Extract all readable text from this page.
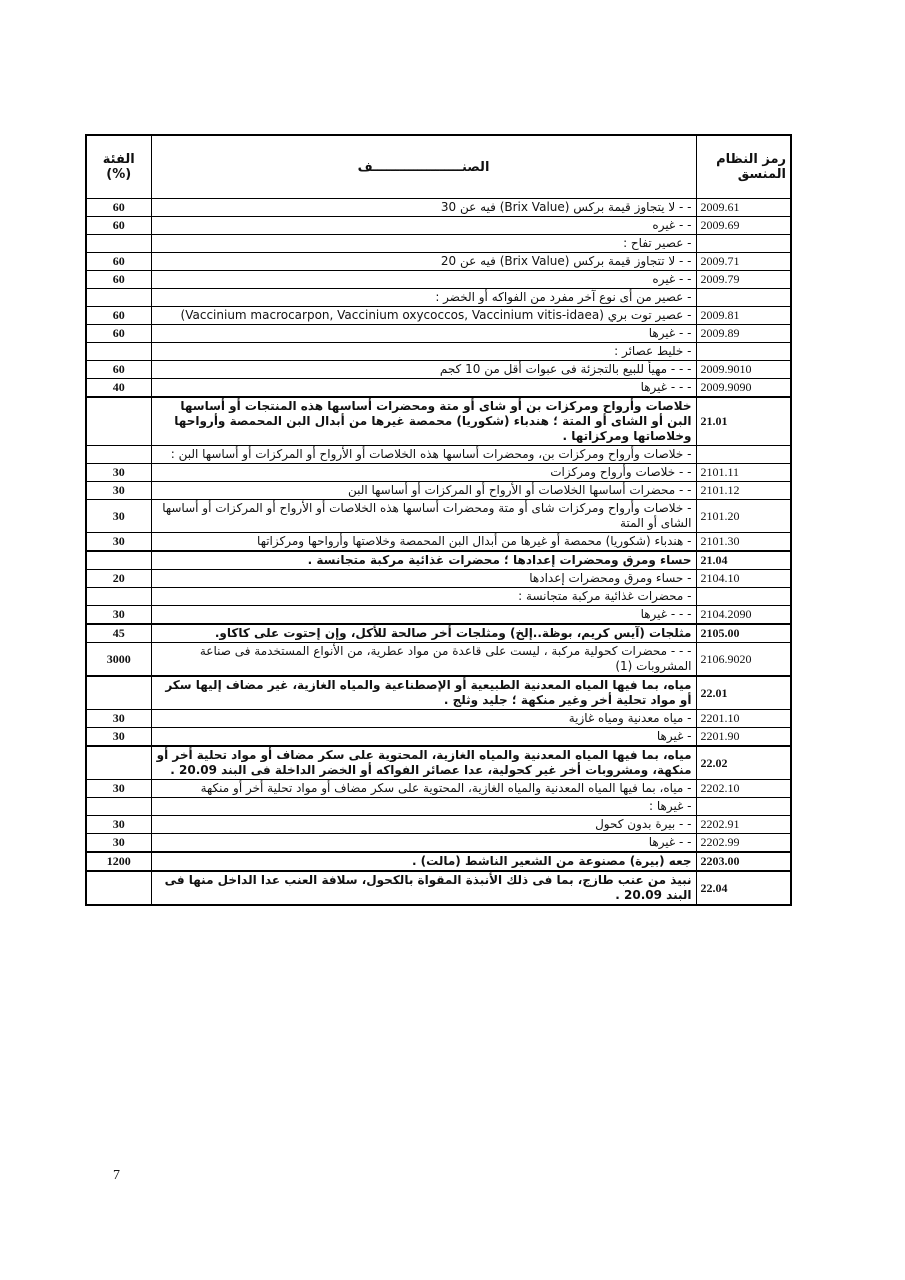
الفئة
(%)	الصنــــــــــــــــــــف	رمز النظام المنسق
60	- - لا يتجاوز قيمة بركس (Brix Value) فيه عن 30	2009.61
60	- - غيره	2009.69
	- عصير تفاح :	
60	- - لا تتجاوز قيمة بركس (Brix Value) فيه عن 20	2009.71
60	- - غيره	2009.79
	- عصير من أى نوع آخر مفرد من الفواكه أو الخضر :	
60	- عصير توت بري (Vaccinium macrocarpon, Vaccinium oxycoccos, Vaccinium vitis-idaea)	2009.81
60	- - غيرها	2009.89
	- خليط عصائر :	
60	- - - مهيأ للبيع بالتجزئة فى عبوات أقل من 10 كجم	2009.9010
40	- - - غيرها	2009.9090
	خلاصات وأرواح ومركزات بن أو شاى أو متة ومحضرات أساسها هذه المنتجات أو أساسها البن أو الشاى أو المتة ؛ هندباء (شكوريا) محمصة غيرها من أبدال البن المحمصة وأرواحها وخلاصاتها ومركزاتها .	21.01
	- خلاصات وأرواح ومركزات بن، ومحضرات أساسها هذه الخلاصات أو الأرواح أو المركزات أو أساسها البن :	
30	- - خلاصات وأرواح ومركزات	2101.11
30	- - محضرات أساسها الخلاصات أو الأرواح أو المركزات أو أساسها البن	2101.12
30	- خلاصات وأرواح ومركزات شاى أو متة ومحضرات أساسها هذه الخلاصات أو الأرواح أو المركزات أو أساسها الشاى أو المتة	2101.20
30	- هندباء (شكوريا) محمصة أو غيرها من أبدال البن المحمصة وخلاصتها وأرواحها ومركزاتها	2101.30
	حساء ومرق ومحضرات إعدادها ؛ محضرات غذائية مركبة متجانسة .	21.04
20	- حساء ومرق ومحضرات إعدادها	2104.10
	- محضرات غذائية مركبة متجانسة :	
30	- - - غيرها	2104.2090
45	مثلجات (آيس كريم، بوظة..إلخ) ومثلجات أخر صالحة للأكل، وإن إحتوت على كاكاو.	2105.00
3000	- - - محضرات كحولية مركبة ، ليست على قاعدة من مواد عطرية، من الأنواع المستخدمة فى صناعة المشروبات (1)	2106.9020
	مياه، بما فيها المياه المعدنية الطبيعية أو الإصطناعية والمياه الغازية، غير مضاف إليها سكر أو مواد تحلية أخر وغير منكهة ؛ جليد وثلج .	22.01
30	- مياه معدنية ومياه غازية	2201.10
30	- غيرها	2201.90
	مياه، بما فيها المياه المعدنية والمياه الغازية، المحتوية على سكر مضاف أو مواد تحلية أخر أو منكهة، ومشروبات أخر غير كحولية، عدا عصائر الفواكه أو الخضر الداخلة فى البند 20.09 .	22.02
30	- مياه، بما فيها المياه المعدنية والمياه الغازية، المحتوية على سكر مضاف أو مواد تحلية أخر أو منكهة	2202.10
	- غيرها :	
30	- - بيرة بدون كحول	2202.91
30	- - غيرها	2202.99
1200	جعه (بيرة) مصنوعة من الشعير الناشط (مالت) .	2203.00
	نبيذ من عنب طازج، بما فى ذلك الأنبذة المقواة بالكحول، سلافة العنب عدا الداخل منها فى البند 20.09 .	22.04
7
